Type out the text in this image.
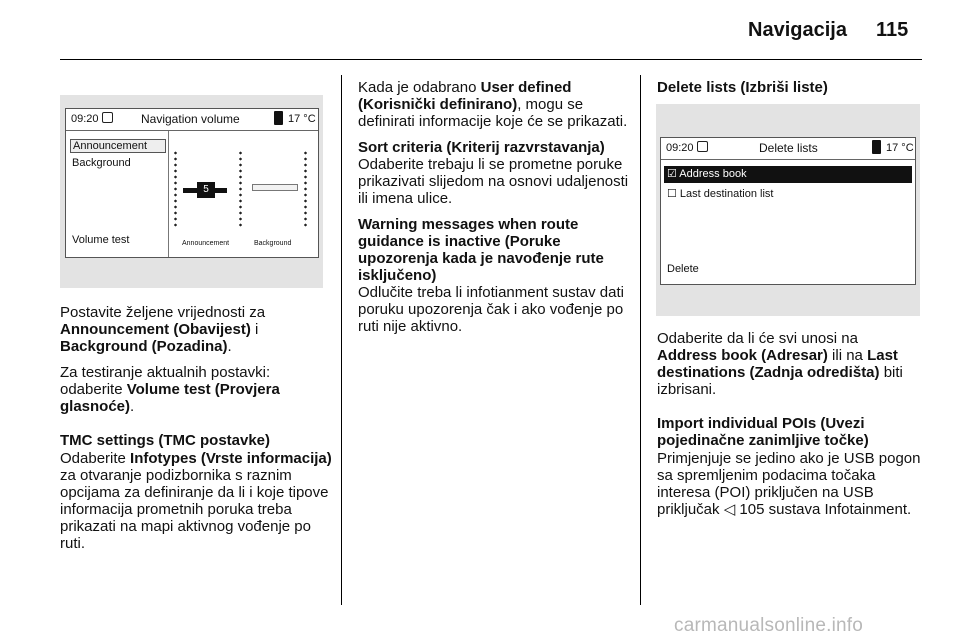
Navigacija 115
09:20	Navigation volume	17 °C
Announcement
Background
Volume test
5
Announcement	Background
09:20	Delete lists	17 °C
☑ Address book
☐ Last destination list
Delete

Postavite željene vrijednosti za Announcement (Obavijest) i Background (Pozadina).

Za testiranje aktualnih postavki: odaberite Volume test (Provjera glasnoće).

TMC settings (TMC postavke)

Odaberite Infotypes (Vrste informacija) za otvaranje podizbornika s raznim opcijama za definiranje da li i koje tipove informacija prometnih poruka treba prikazati na mapi aktivnog vođenje po ruti.

Kada je odabrano User defined (Korisnički definirano), mogu se definirati informacije koje će se prikazati.

Sort criteria (Kriterij razvrstavanja)

Odaberite trebaju li se prometne poruke prikazivati slijedom na osnovi udaljenosti ili imena ulice.

Warning messages when route guidance is inactive (Poruke upozorenja kada je navođenje rute isključeno)

Odlučite treba li infotianment sustav dati poruku upozorenja čak i ako vođenje po ruti nije aktivno.

Delete lists (Izbriši liste)

Odaberite da li će svi unosi na Address book (Adresar) ili na Last destinations (Zadnja odredišta) biti izbrisani.

Import individual POIs (Uvezi pojedinačne zanimljive točke)

Primjenjuje se jedino ako je USB pogon sa spremljenim podacima točaka interesa (POI) priključen na USB priključak ◁ 105 sustava Infotainment.

carmanualsonline.info
